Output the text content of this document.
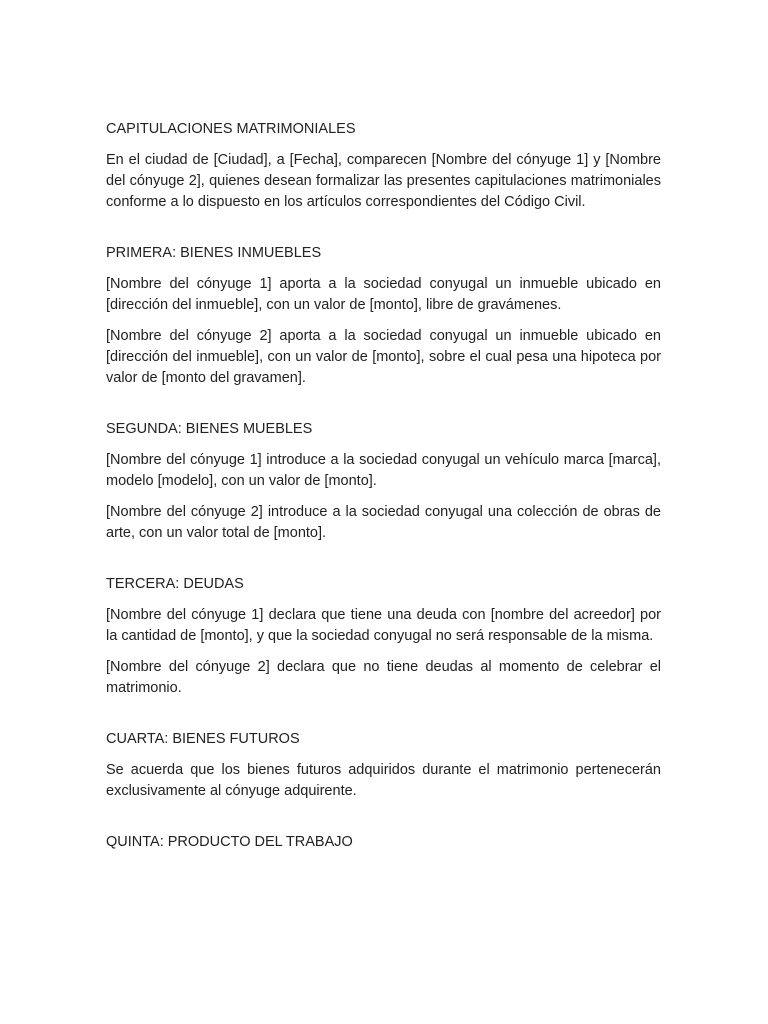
CAPITULACIONES MATRIMONIALES

En el ciudad de [Ciudad], a [Fecha], comparecen [Nombre del cónyuge 1] y [Nombre del cónyuge 2], quienes desean formalizar las presentes capitulaciones matrimoniales conforme a lo dispuesto en los artículos correspondientes del Código Civil.

PRIMERA: BIENES INMUEBLES

[Nombre del cónyuge 1] aporta a la sociedad conyugal un inmueble ubicado en [dirección del inmueble], con un valor de [monto], libre de gravámenes.

[Nombre del cónyuge 2] aporta a la sociedad conyugal un inmueble ubicado en [dirección del inmueble], con un valor de [monto], sobre el cual pesa una hipoteca por valor de [monto del gravamen].

SEGUNDA: BIENES MUEBLES

[Nombre del cónyuge 1] introduce a la sociedad conyugal un vehículo marca [marca], modelo [modelo], con un valor de [monto].

[Nombre del cónyuge 2] introduce a la sociedad conyugal una colección de obras de arte, con un valor total de [monto].

TERCERA: DEUDAS

[Nombre del cónyuge 1] declara que tiene una deuda con [nombre del acreedor] por la cantidad de [monto], y que la sociedad conyugal no será responsable de la misma.

[Nombre del cónyuge 2] declara que no tiene deudas al momento de celebrar el matrimonio.

CUARTA: BIENES FUTUROS

Se acuerda que los bienes futuros adquiridos durante el matrimonio pertenecerán exclusivamente al cónyuge adquirente.

QUINTA: PRODUCTO DEL TRABAJO
